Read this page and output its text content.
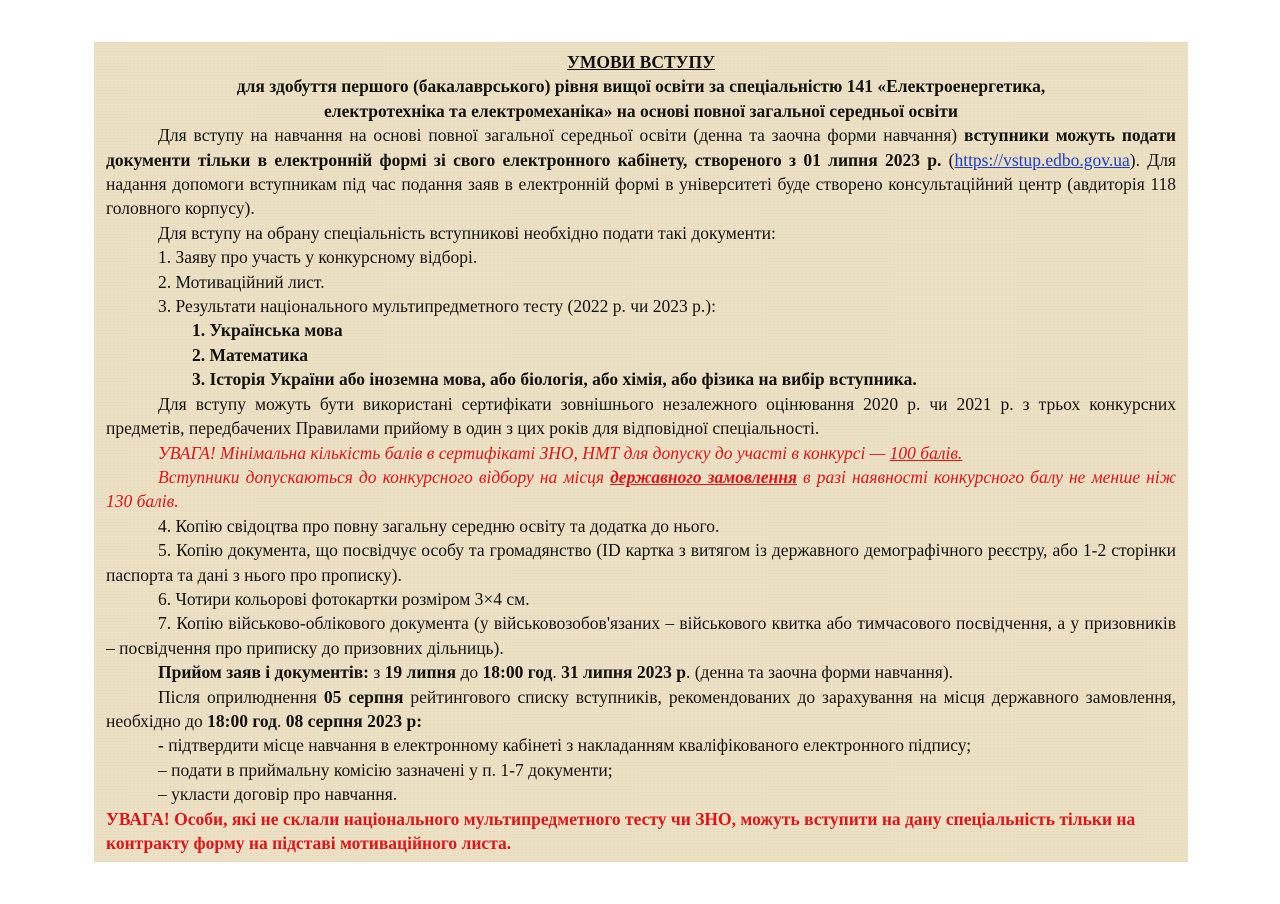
УМОВИ ВСТУПУ
для здобуття першого (бакалаврського) рівня вищої освіти за спеціальністю 141 «Електроенергетика,
електротехніка та електромеханіка» на основі повної загальної середньої освіти
Для вступу на навчання на основі повної загальної середньої освіти (денна та заочна форми навчання) вступники можуть подати документи тільки в електронній формі зі свого електронного кабінету, створеного з 01 липня 2023 р. (https://vstup.edbo.gov.ua). Для надання допомоги вступникам під час подання заяв в електронній формі в університеті буде створено консультаційний центр (авдиторія 118 головного корпусу).
Для вступу на обрану спеціальність вступникові необхідно подати такі документи:
1. Заяву про участь у конкурсному відборі.
2. Мотиваційний лист.
3. Результати національного мультипредметного тесту (2022 р. чи 2023 р.):
1. Українська мова
2. Математика
3. Історія України або іноземна мова, або біологія, або хімія, або фізика на вибір вступника.
Для вступу можуть бути використані сертифікати зовнішнього незалежного оцінювання 2020 р. чи 2021 р. з трьох конкурсних предметів, передбачених Правилами прийому в один з цих років для відповідної спеціальності.
УВАГА! Мінімальна кількість балів в сертифікаті ЗНО, НМТ для допуску до участі в конкурсі — 100 балів.
Вступники допускаються до конкурсного відбору на місця державного замовлення в разі наявності конкурсного балу не менше ніж 130 балів.
4. Копію свідоцтва про повну загальну середню освіту та додатка до нього.
5. Копію документа, що посвідчує особу та громадянство (ID картка з витягом із державного демографічного реєстру, або 1-2 сторінки паспорта та дані з нього про прописку).
6. Чотири кольорові фотокартки розміром 3×4 см.
7. Копію військово-облікового документа (у військовозобов'язаних – військового квитка або тимчасового посвідчення, а у призовників – посвідчення про приписку до призовних дільниць).
Прийом заяв і документів: з 19 липня до 18:00 год. 31 липня 2023 р. (денна та заочна форми навчання).
Після оприлюднення 05 серпня рейтингового списку вступників, рекомендованих до зарахування на місця державного замовлення, необхідно до 18:00 год. 08 серпня 2023 р:
- підтвердити місце навчання в електронному кабінеті з накладанням кваліфікованого електронного підпису;
– подати в приймальну комісію зазначені у п. 1-7 документи;
– укласти договір про навчання.
УВАГА! Особи, які не склали національного мультипредметного тесту чи ЗНО, можуть вступити на дану спеціальність тільки на контракту форму на підставі мотиваційного листа.
